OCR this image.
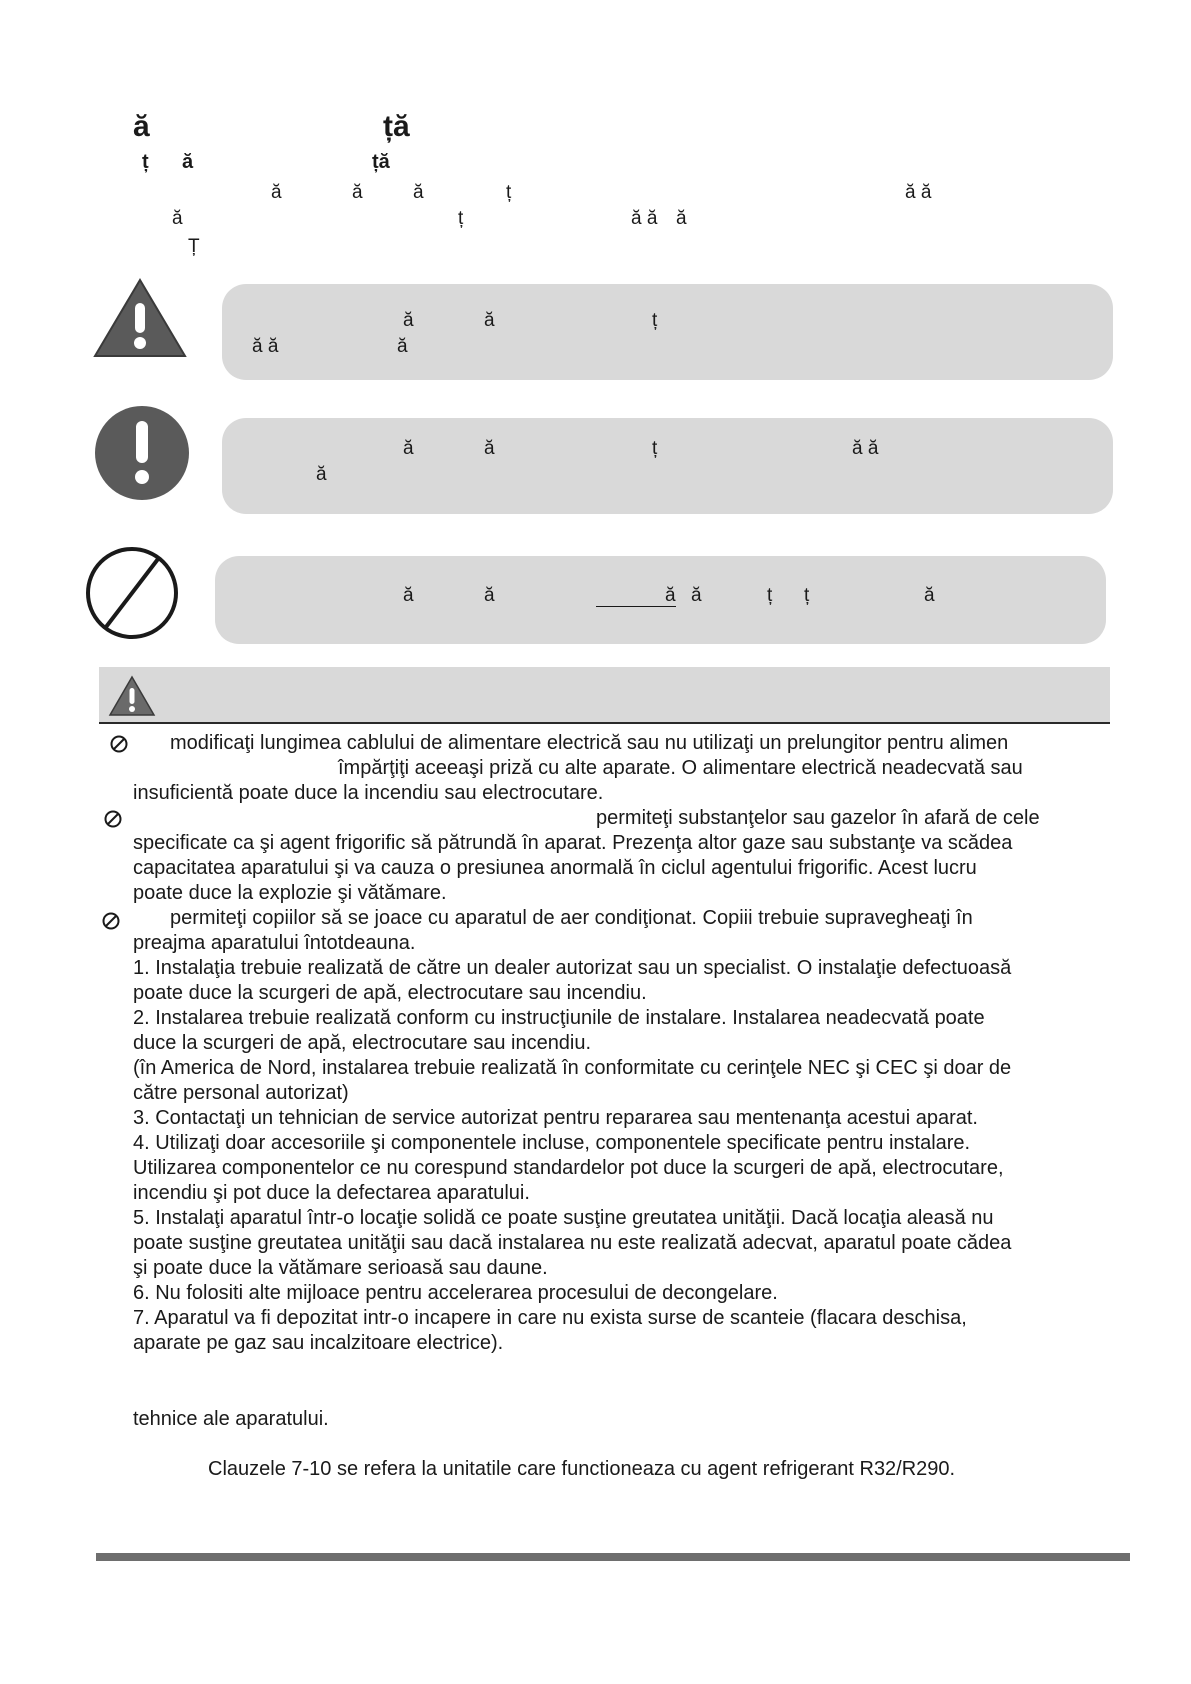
ă	ță
ț ă	ță
ă	ă	ă	ț	ă ă
ă	ț	ă ă ă
Ț
ă	ă	ț
ă ă	ă
ă	ă	ț	ă ă
ă
ă	ă	ă ă	ț ț	ă
modificaţi lungimea cablului de alimentare electrică sau nu utilizaţi un prelungitor pentru alimen
împărţiţi aceeaşi priză cu alte aparate. O alimentare electrică neadecvată sau
insuficientă poate duce la incendiu sau electrocutare.
permiteţi substanţelor sau gazelor în afară de cele
specificate ca şi agent frigorific să pătrundă în aparat. Prezenţa altor gaze sau substanţe va scădea
capacitatea aparatului şi va cauza o presiunea anormală în ciclul agentului frigorific. Acest lucru
poate duce la explozie şi vătămare.
permiteţi copiilor să se joace cu aparatul de aer condiţionat. Copiii trebuie supravegheaţi în
preajma aparatului întotdeauna.
1. Instalaţia trebuie realizată de către un dealer autorizat sau un specialist. O instalaţie defectuoasă
poate duce la scurgeri de apă, electrocutare sau incendiu.
2. Instalarea trebuie realizată conform cu instrucţiunile de instalare. Instalarea neadecvată poate
duce la scurgeri de apă, electrocutare sau incendiu.
(în America de Nord, instalarea trebuie realizată în conformitate cu cerinţele NEC şi CEC şi doar de
către personal autorizat)
3. Contactaţi un tehnician de service autorizat pentru repararea sau mentenanţa acestui aparat.
4. Utilizaţi doar accesoriile şi componentele incluse, componentele specificate pentru instalare.
Utilizarea componentelor ce nu corespund standardelor pot duce la scurgeri de apă, electrocutare,
incendiu şi pot duce la defectarea aparatului.
5. Instalaţi aparatul într-o locaţie solidă ce poate susţine greutatea unităţii. Dacă locaţia aleasă nu
poate susţine greutatea unităţii sau dacă instalarea nu este realizată adecvat, aparatul poate cădea
şi poate duce la vătămare serioasă sau daune.
6. Nu folositi alte mijloace pentru accelerarea procesului de decongelare.
7. Aparatul va fi depozitat intr-o incapere in care nu exista surse de scanteie (flacara deschisa,
aparate pe gaz sau incalzitoare electrice).
tehnice ale aparatului.
Clauzele 7-10 se refera la unitatile care functioneaza cu agent refrigerant R32/R290.
